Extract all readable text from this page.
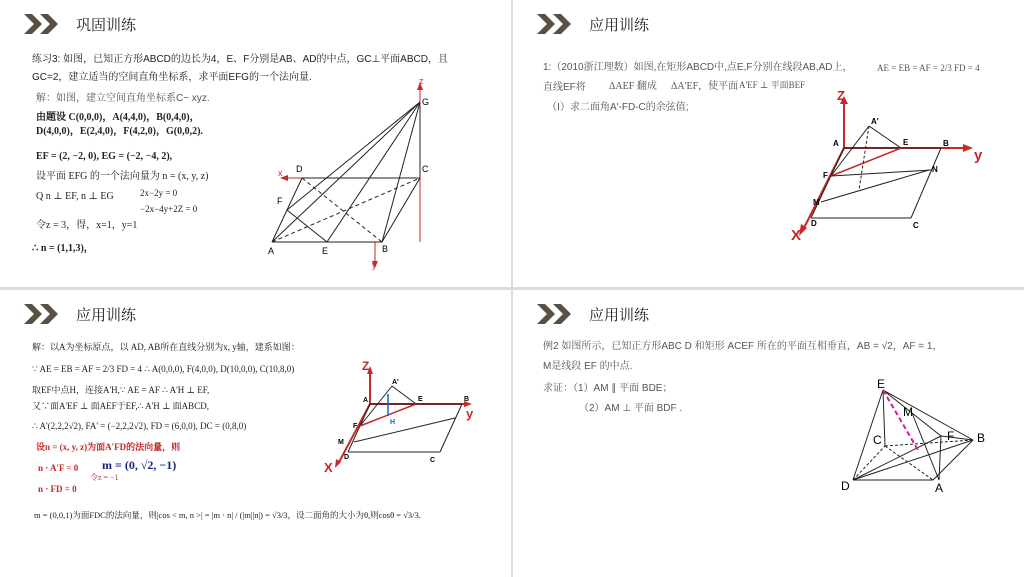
巩固训练
练习3: 如图，已知正方形ABCD的边长为4，E、F分别是AB、AD的中点，GC⊥平面ABCD，且
GC=2，建立适当的空间直角坐标系，求平面EFG的一个法向量.
解：如图，建立空间直角坐标系C− xyz.
由题设 C(0,0,0)，A(4,4,0)，B(0,4,0)，
D(4,0,0)，E(2,4,0)，F(4,2,0)，G(0,0,2).
EF = (2, −2, 0), EG = (−2, −4, 2),
设平面 EFG 的一个法向量为 n = (x, y, z)
Q n ⊥ EF, n ⊥ EG	2x−2y = 0
−2x−4y+2Z = 0
令z = 3，得，x=1，y=1
∴ n = (1,1,3)，
z
G
x D	C
F
A	E	B
y
应用训练
1:（2010浙江理数）如图,在矩形ABCD中,点E,F分别在线段AB,AD上，	AE = EB = AF = 2/3 FD = 4
直线EF将 ΔAEF 翻成 ΔA'EF，使平面 A'EF ⊥ 平面BEF
（Ⅰ）求二面角A'-FD-C的余弦值;
Z
A'
A	E	B
y
F
N
M
D	C
X
应用训练
解：以A为坐标原点，以 AD, AB所在直线分别为x, y轴，建系如图：
∵ AE = EB = AF = 2/3 FD = 4 ∴ A(0,0,0), F(4,0,0), D(10,0,0), C(10,8,0)
取EF中点H，连接A'H,∵ AE = AF ∴ A'H ⊥ EF,
又∵面A'EF ⊥ 面AEF于EF,∴ A'H ⊥ 面ABCD,
∴ A'(2,2,2√2), FA' = (−2,2,2√2), FD = (6,0,0), DC = (0,8,0)
设n = (x, y, z)为面A'FD的法向量，则
n · A'F = 0
n · FD = 0
令z = −1
m = (0, √2, −1)
m = (0,0,1)为面FDC的法向量，则|cos < m, n >| = |m · n| / (|m||n|) = √3/3，设二面角的大小为θ,则cosθ = √3/3.
Z
A'
E	B
y
H
F
M
A
D	C
X
应用训练
例2 如图所示，已知正方形ABC D 和矩形 ACEF 所在的平面互相垂直，AB = √2，AF = 1，
M是线段 EF 的中点.
求证：（1）AM ∥ 平面 BDE；
（2）AM ⊥ 平面 BDF .
E
M
C	F B
D	A
